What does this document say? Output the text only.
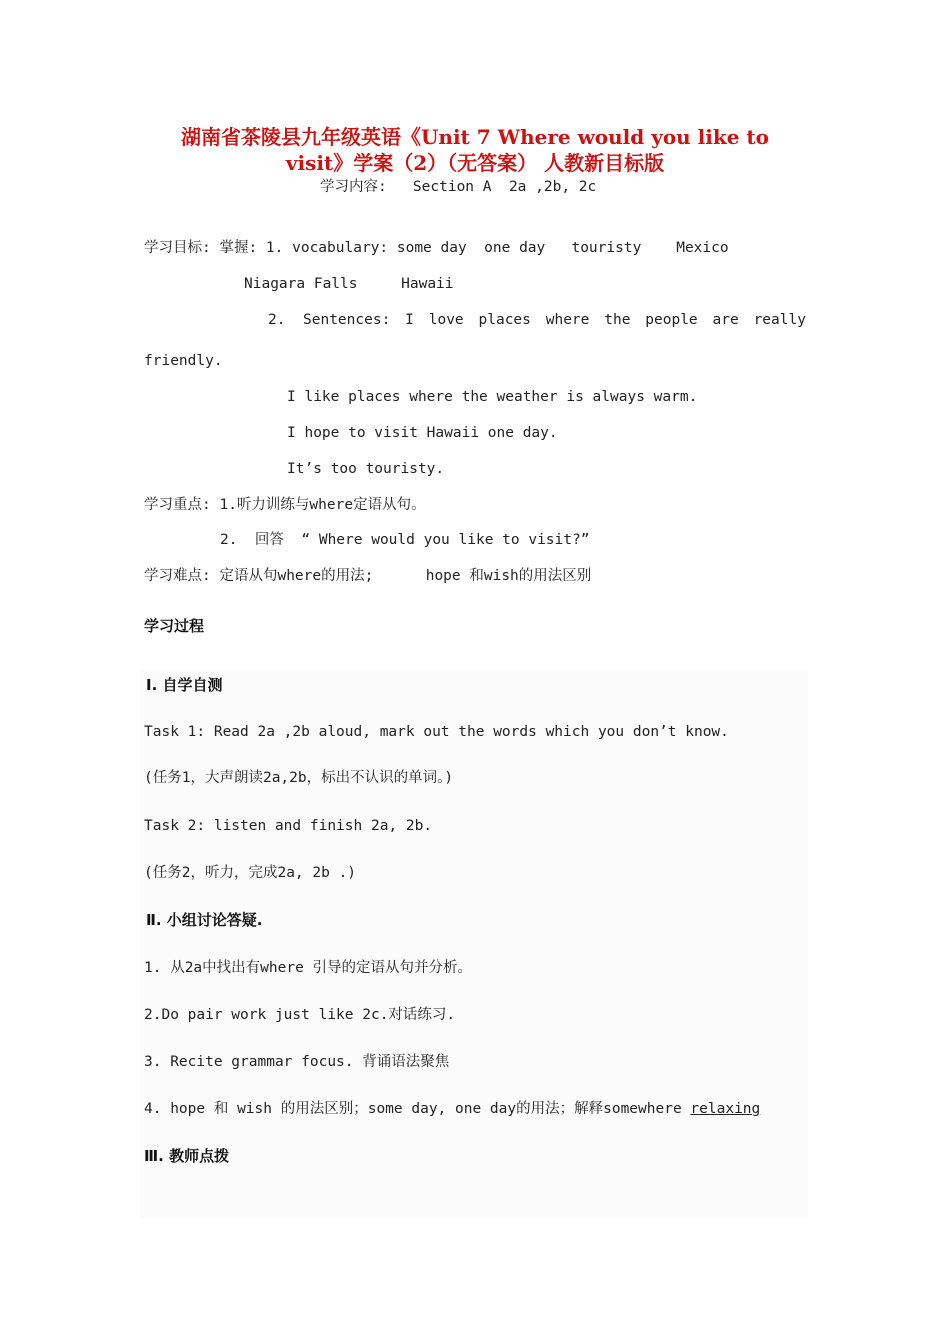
湖南省茶陵县九年级英语《Unit 7 Where would you like to
visit》学案（2）（无答案） 人教新目标版
学习内容:   Section A  2a ,2b, 2c
学习目标: 掌握: 1. vocabulary: some day  one day   touristy    Mexico
Niagara Falls     Hawaii
2. Sentences: I love places where the people are really
friendly.
I like places where the weather is always warm.
I hope to visit Hawaii one day.
It’s too touristy.
学习重点: 1.听力训练与where定语从句。
2.  回答  “ Where would you like to visit?”
学习难点: 定语从句where的用法;      hope 和wish的用法区别
学习过程
Ⅰ. 自学自测
Task 1: Read 2a ,2b aloud, mark out the words which you don’t know.
(任务1，大声朗读2a,2b，标出不认识的单词。)
Task 2: listen and finish 2a, 2b.
(任务2，听力，完成2a, 2b .)
Ⅱ. 小组讨论答疑.
1. 从2a中找出有where 引导的定语从句并分析。
2.Do pair work just like 2c.对话练习.
3. Recite grammar focus. 背诵语法聚焦
4. hope 和 wish 的用法区别；some day, one day的用法；解释somewhere relaxing
Ⅲ. 教师点拨
